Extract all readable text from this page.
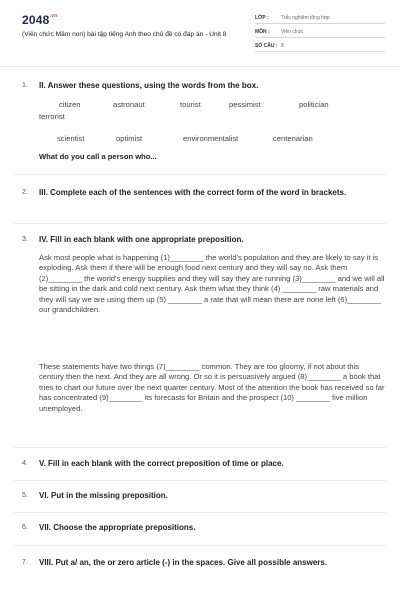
$2048^{.vn}$
(Viên chức Mầm non) bài tập tiếng Anh theo chủ đề có đáp án - Unit 8
LỚP : Trắc nghiệm tổng hợp
MÔN : Viên chức
SỐ CÂU : 8
1. II. Answer these questions, using the words from the box.
citizen	astronaut	tourist	pessimist	politician
terrorist
scientist	optimist	environmentalist	centenarian
What do you call a person who...
2. III. Complete each of the sentences with the correct form of the word in brackets.
3. IV. Fill in each blank with one appropriate preposition.
Ask most people what is happening (1)________ the world's population and they are likely to say it is exploding. Ask them if there will be enough food next century and they will say no. Ask them (2)________ the world's energy supplies and they will say they are running (3)________ and we will all be sitting in the dark and cold next century. Ask them what they think (4) ________ raw materials and they will say we are using them up (5) ________ a rate that will mean there are none left (6)________ our grandchildren.
These statements have two things (7)________ common. They are too gloomy, if not about this century then the next. And they are all wrong. Or so it is persuasively argued (8)________ a book that tries to chart our future over the next quarter century. Most of the attention the book has received so far has concentrated (9)________ its forecasts for Britain and the prospect (10) ________ five million unemployed.
4. V. Fill in each blank with the correct preposition of time or place.
5. VI. Put in the missing preposition.
6. VII. Choose the appropriate prepositions.
7. VIII. Put a/ an, the or zero article (-) in the spaces. Give all possible answers.
